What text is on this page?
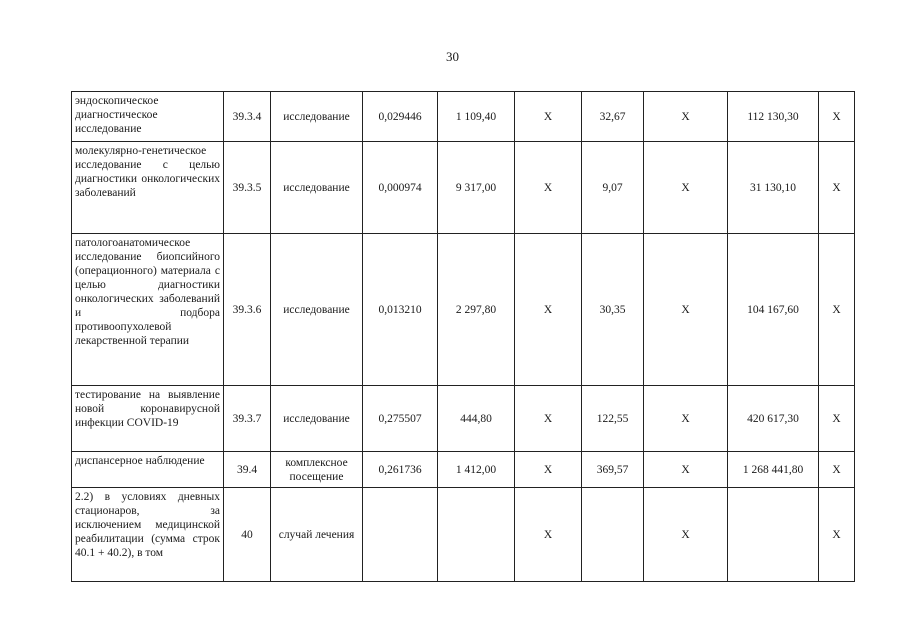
30
эндоскопическое диагностическое исследование	39.3.4	исследование	0,029446	1 109,40	X	32,67	X	112 130,30	X
молекулярно-генетическое исследование с целью диагностики онкологических заболеваний	39.3.5	исследование	0,000974	9 317,00	X	9,07	X	31 130,10	X
патологоанатомическое исследование биопсийного (операционного) материала с целью диагностики онкологических заболеваний и подбора противоопухолевой лекарственной терапии	39.3.6	исследование	0,013210	2 297,80	X	30,35	X	104 167,60	X
тестирование на выявление новой коронавирусной инфекции COVID-19	39.3.7	исследование	0,275507	444,80	X	122,55	X	420 617,30	X
диспансерное наблюдение	39.4	комплексное посещение	0,261736	1 412,00	X	369,57	X	1 268 441,80	X
2.2) в условиях дневных стационаров, за исключением медицинской реабилитации (сумма строк 40.1 + 40.2), в том	40	случай лечения			X		X		X
